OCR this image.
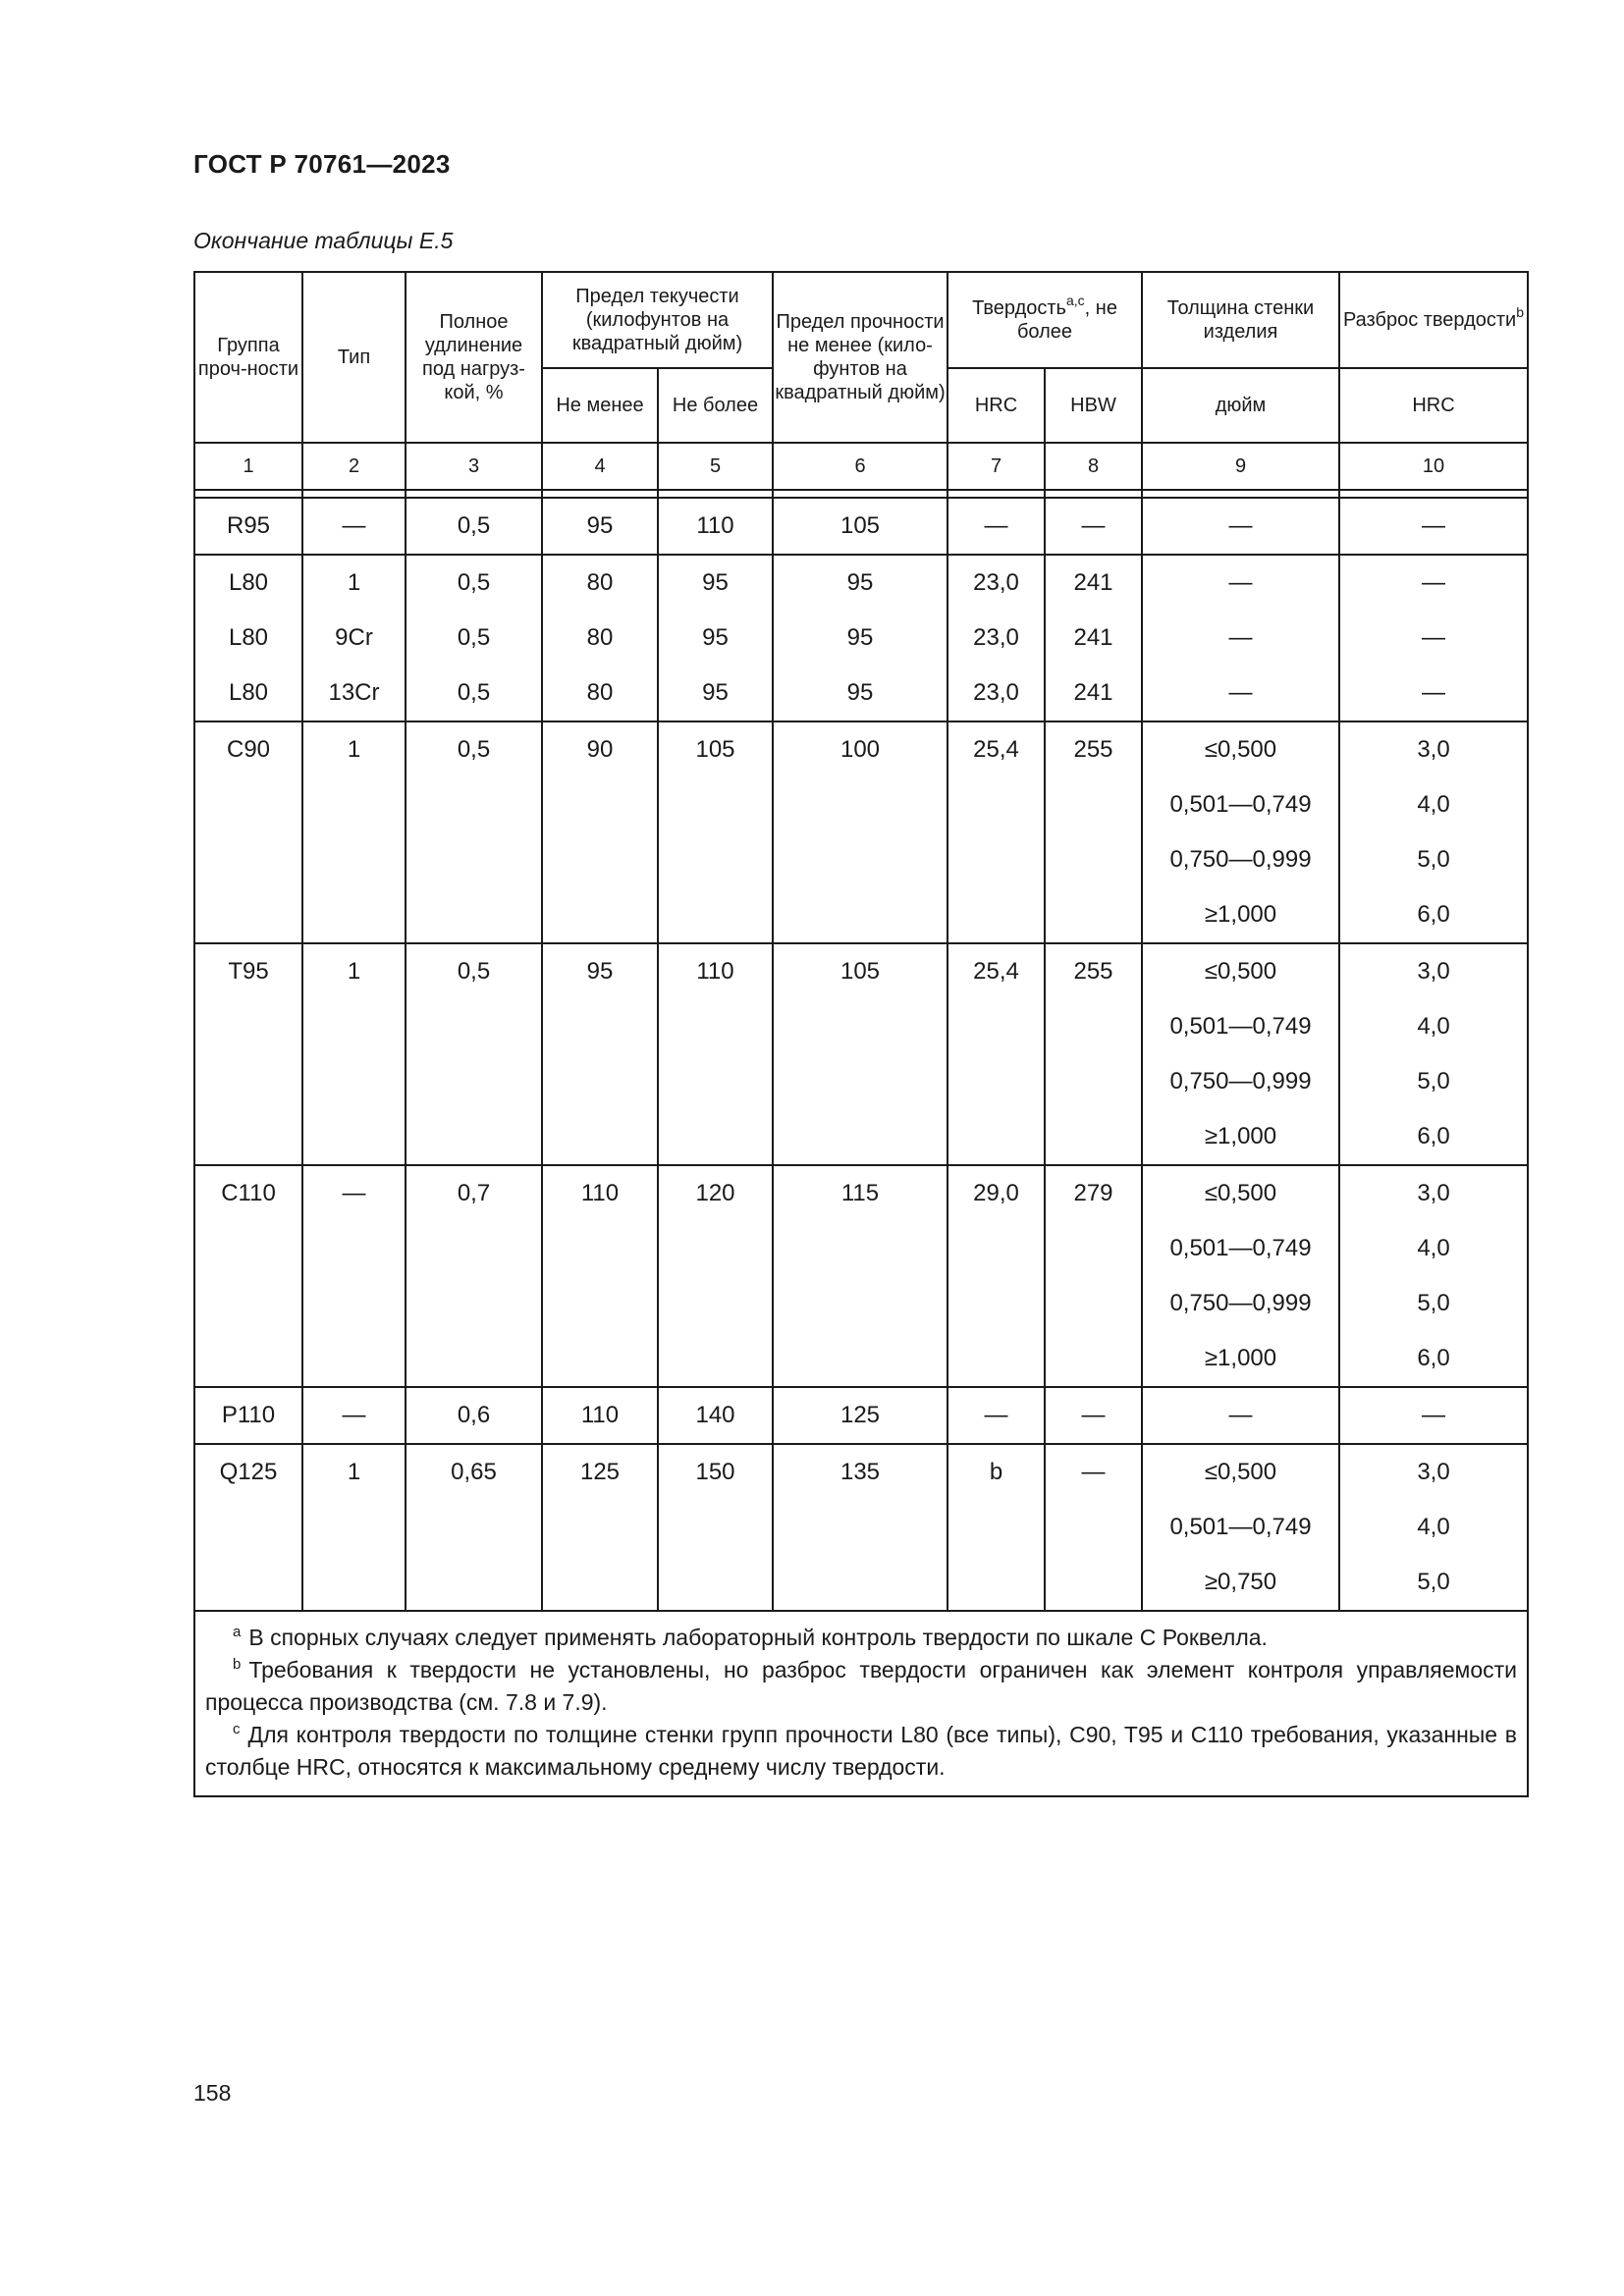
ГОСТ Р 70761—2023
Окончание таблицы Е.5
Группа проч-ности	Тип	Полное удлинение под нагруз-кой, %	Предел текучести (килофунтов на квадратный дюйм)		Предел прочности не менее (кило-фунтов на квадратный дюйм)	Твердость$^{a,c}$, не более		Толщина стенки изделия	Разброс твердости$^b$
			Не менее	Не более		HRC	HBW	дюйм	HRC
1	2	3	4	5	6	7	8	9	10

R95	—	0,5	95	110	105	—	—	—	—
L80	1	0,5	80	95	95	23,0	241	—	—
L80	9Cr	0,5	80	95	95	23,0	241	—	—
L80	13Cr	0,5	80	95	95	23,0	241	—	—
C90	1	0,5	90	105	100	25,4	255	≤0,500	3,0
								0,501—0,749	4,0
								0,750—0,999	5,0
								≥1,000	6,0
T95	1	0,5	95	110	105	25,4	255	≤0,500	3,0
								0,501—0,749	4,0
								0,750—0,999	5,0
								≥1,000	6,0
C110	—	0,7	110	120	115	29,0	279	≤0,500	3,0
								0,501—0,749	4,0
								0,750—0,999	5,0
								≥1,000	6,0
P110	—	0,6	110	140	125	—	—	—	—
Q125	1	0,65	125	150	135	b	—	≤0,500	3,0
								0,501—0,749	4,0
								≥0,750	5,0

$^a$ В спорных случаях следует применять лабораторный контроль твердости по шкале С Роквелла.
$^b$ Требования к твердости не установлены, но разброс твердости ограничен как элемент контроля управляемости процесса производства (см. 7.8 и 7.9).
$^c$ Для контроля твердости по толщине стенки групп прочности L80 (все типы), C90, T95 и C110 требования, указанные в столбце HRC, относятся к максимальному среднему числу твердости.									
158
